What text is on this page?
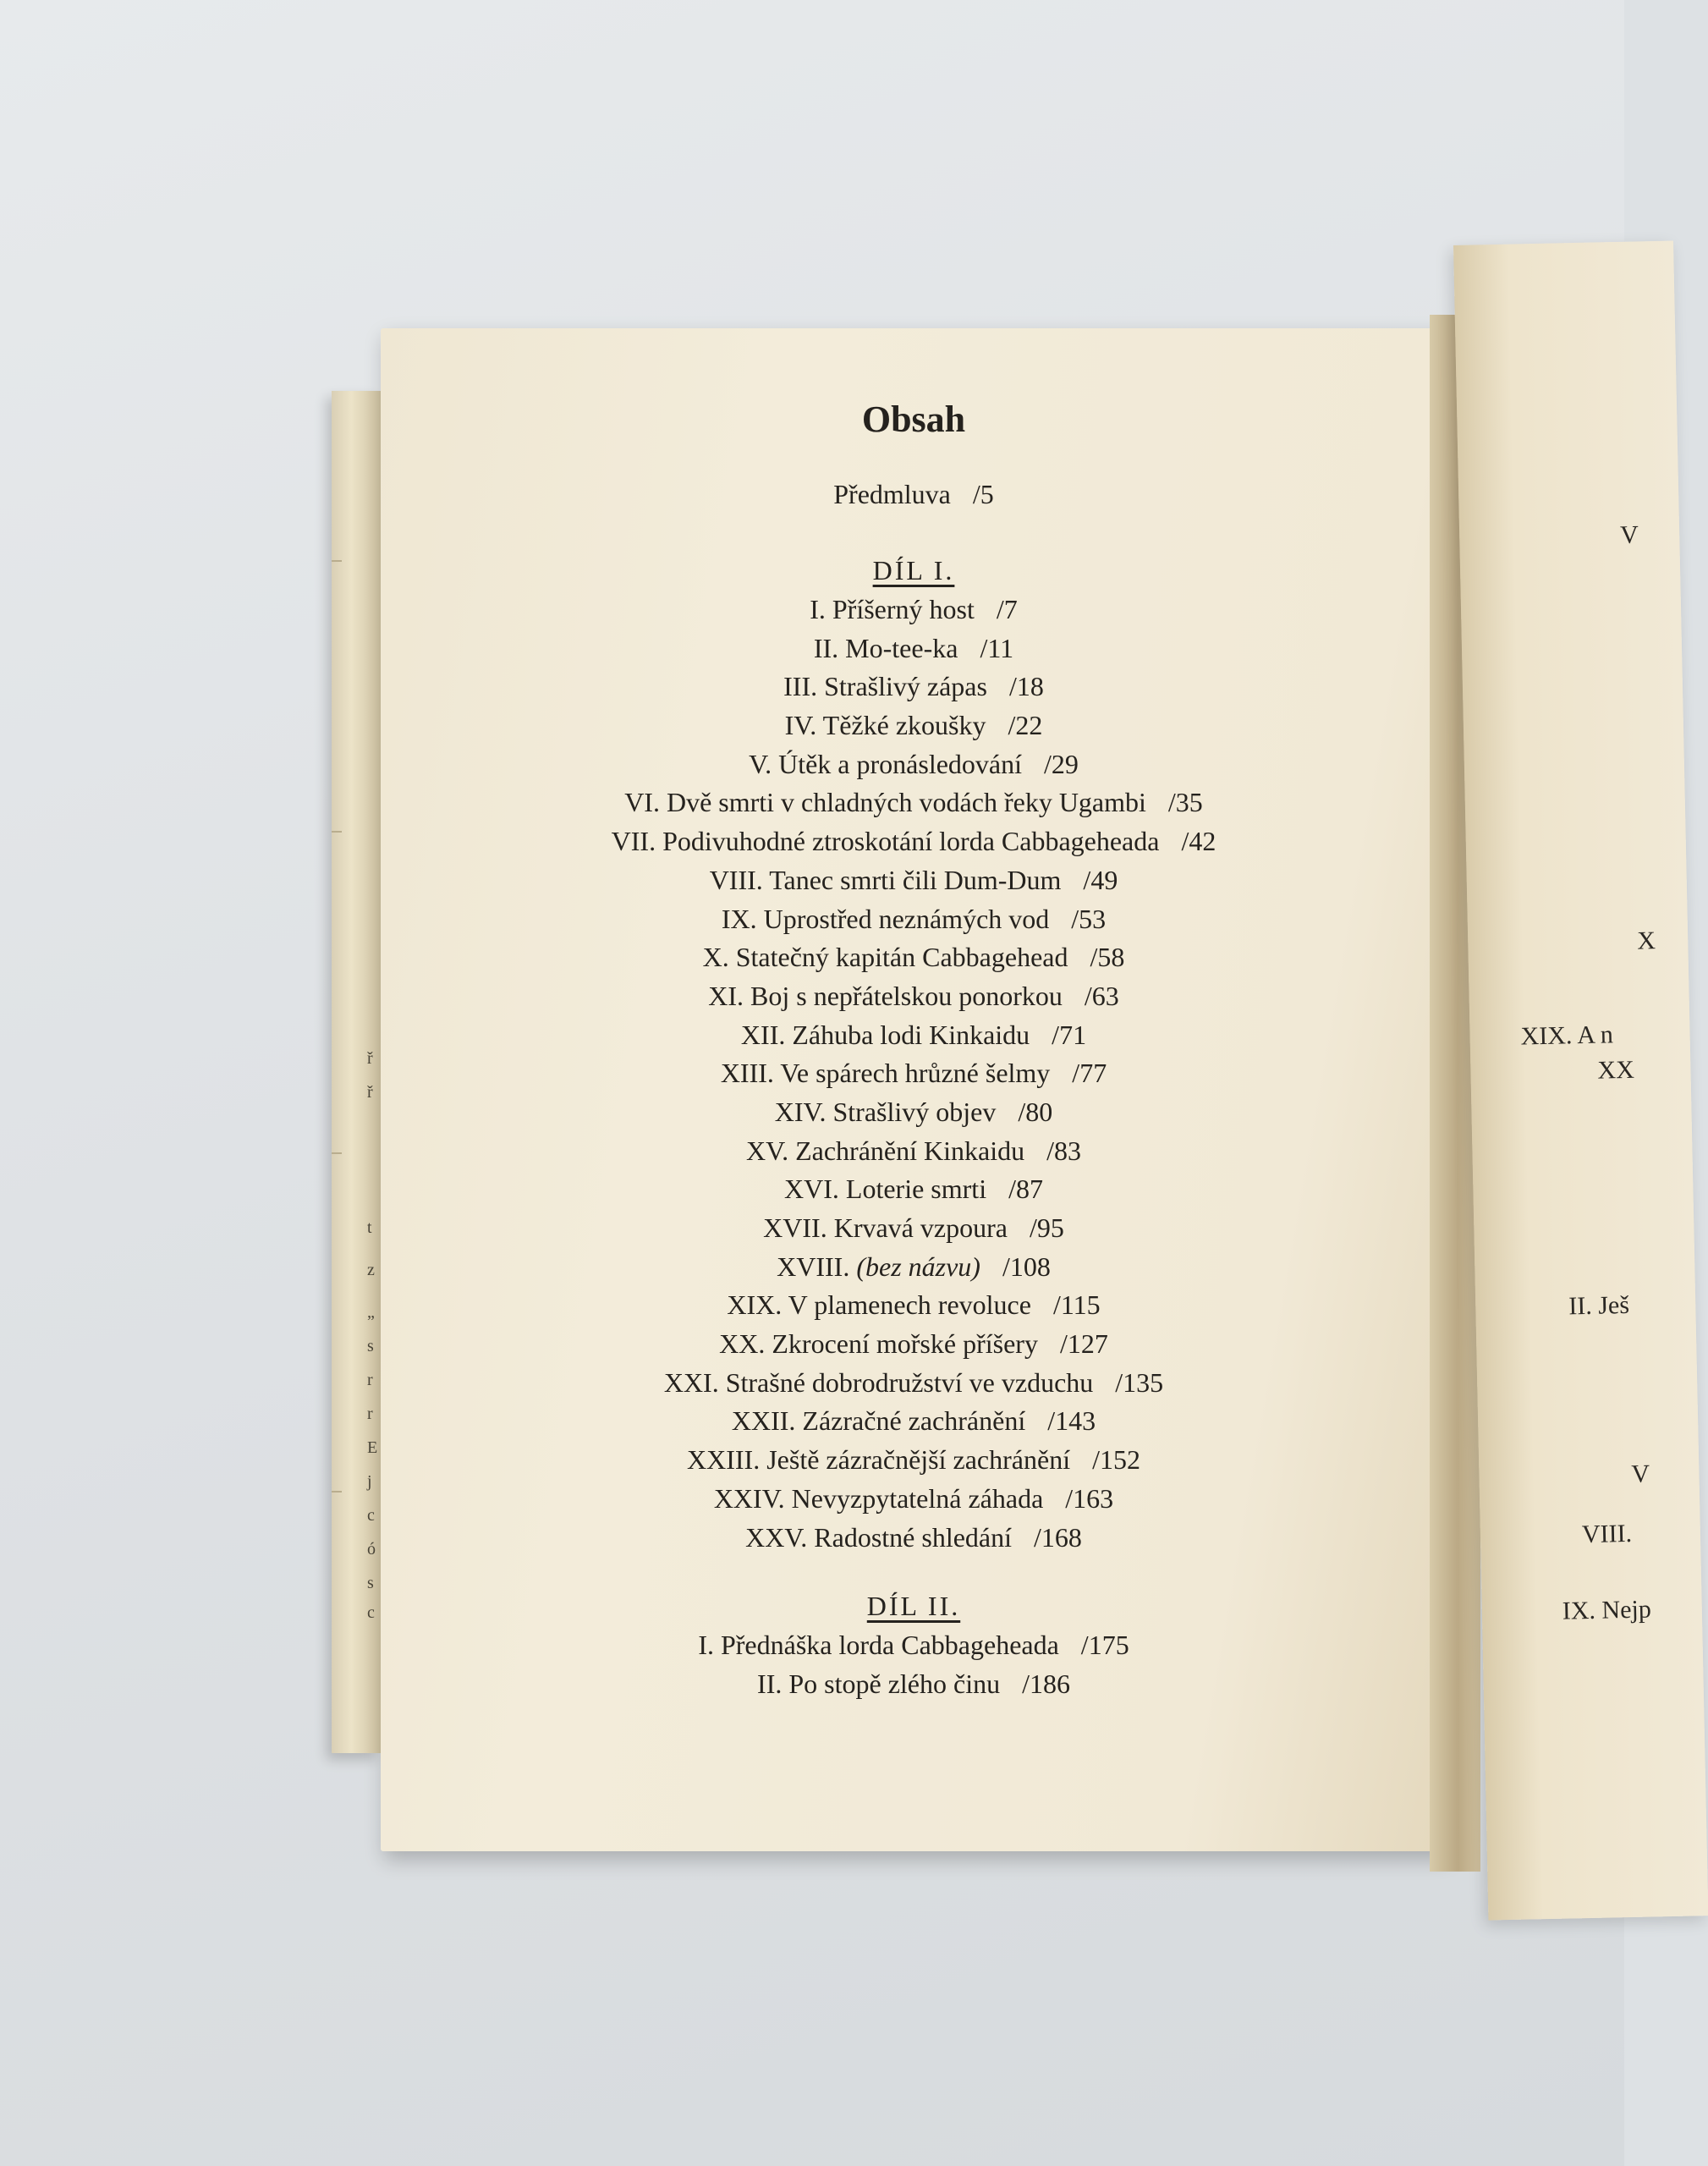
ř
ř
t
z
„
s
r
r
E
j
c
ó
s
c
V
X
XIX. A n
XX
II. Ješ
V
VIII.
IX. Nejp
Obsah
Předmluva /5
DÍL I.
I. Příšerný host /7
II. Mo-tee-ka /11
III. Strašlivý zápas /18
IV. Těžké zkoušky /22
V. Útěk a pronásledování /29
VI. Dvě smrti v chladných vodách řeky Ugambi /35
VII. Podivuhodné ztroskotání lorda Cabbageheada /42
VIII. Tanec smrti čili Dum-Dum /49
IX. Uprostřed neznámých vod /53
X. Statečný kapitán Cabbagehead /58
XI. Boj s nepřátelskou ponorkou /63
XII. Záhuba lodi Kinkaidu /71
XIII. Ve spárech hrůzné šelmy /77
XIV. Strašlivý objev /80
XV. Zachránění Kinkaidu /83
XVI. Loterie smrti /87
XVII. Krvavá vzpoura /95
XVIII. (bez názvu) /108
XIX. V plamenech revoluce /115
XX. Zkrocení mořské příšery /127
XXI. Strašné dobrodružství ve vzduchu /135
XXII. Zázračné zachránění /143
XXIII. Ještě zázračnější zachránění /152
XXIV. Nevyzpytatelná záhada /163
XXV. Radostné shledání /168
DÍL II.
I. Přednáška lorda Cabbageheada /175
II. Po stopě zlého činu /186
